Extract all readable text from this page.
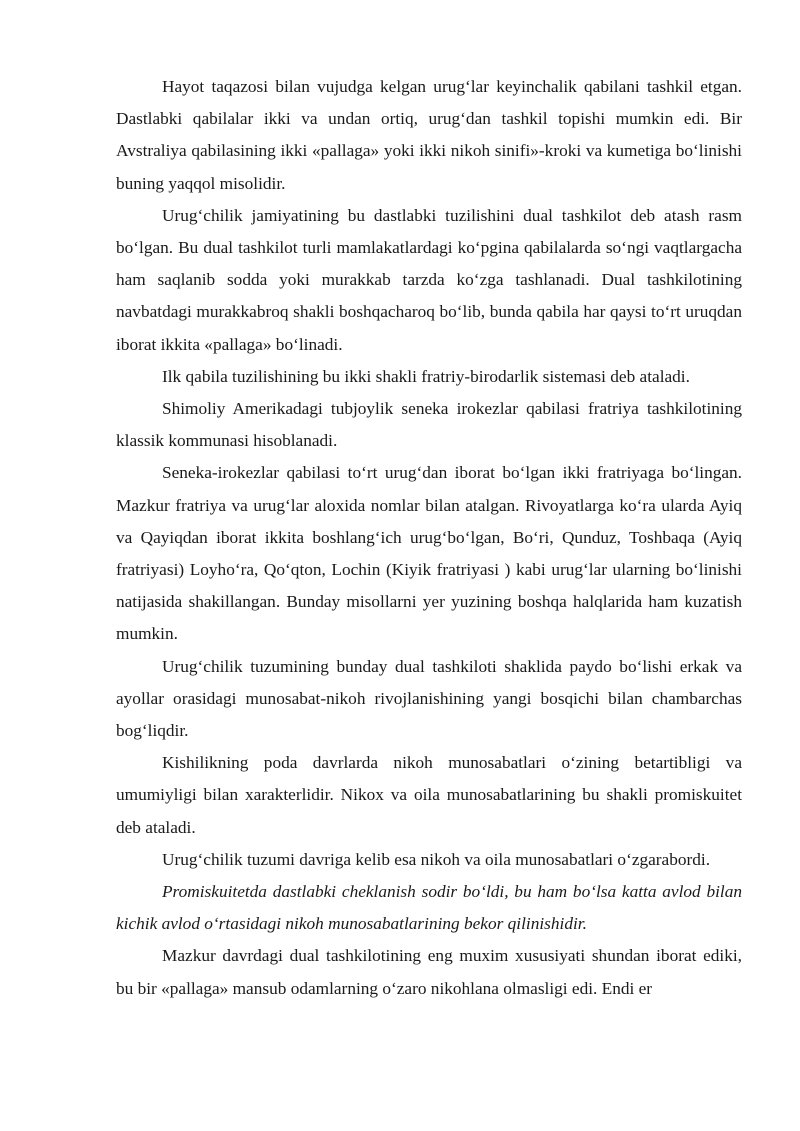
Hayot taqazosi bilan vujudga kelgan urug‘lar keyinchalik qabilani tashkil etgan. Dastlabki qabilalar ikki va undan ortiq, urug‘dan tashkil topishi mumkin edi. Bir Avstraliya qabilasining ikki «pallaga» yoki ikki nikoh sinifi»-kroki va kumetiga bo‘linishi buning yaqqol misolidir.

Urug‘chilik jamiyatining bu dastlabki tuzilishini dual tashkilot deb atash rasm bo‘lgan. Bu dual tashkilot turli mamlakatlardagi ko‘pgina qabilalarda so‘ngi vaqtlargacha ham saqlanib sodda yoki murakkab tarzda ko‘zga tashlanadi. Dual tashkilotining navbatdagi murakkabroq shakli boshqacharoq bo‘lib, bunda qabila har qaysi to‘rt uruqdan iborat ikkita «pallaga» bo‘linadi.

Ilk qabila tuzilishining bu ikki shakli fratriy-birodarlik sistemasi deb ataladi.

Shimoliy Amerikadagi tubjoylik seneka irokezlar qabilasi fratriya tashkilotining klassik kommunasi hisoblanadi.

Seneka-irokezlar qabilasi to‘rt urug‘dan iborat bo‘lgan ikki fratriyaga bo‘lingan. Mazkur fratriya va urug‘lar aloxida nomlar bilan atalgan. Rivoyatlarga ko‘ra ularda Ayiq va Qayiqdan iborat ikkita boshlang‘ich urug‘bo‘lgan, Bo‘ri, Qunduz, Toshbaqa (Ayiq fratriyasi) Loyho‘ra, Qo‘qton, Lochin (Kiyik fratriyasi ) kabi urug‘lar ularning bo‘linishi natijasida shakillangan. Bunday misollarni yer yuzining boshqa halqlarida ham kuzatish mumkin.

Urug‘chilik tuzumining bunday dual tashkiloti shaklida paydo bo‘lishi erkak va ayollar orasidagi munosabat-nikoh rivojlanishining yangi bosqichi bilan chambarchas bog‘liqdir.

Kishilikning poda davrlarda nikoh munosabatlari o‘zining betartibligi va umumiyligi bilan xarakterlidir. Nikox va oila munosabatlarining bu shakli promiskuitet deb ataladi.

Urug‘chilik tuzumi davriga kelib esa nikoh va oila munosabatlari o‘zgarabordi.

Promiskuitetda dastlabki cheklanish sodir bo‘ldi, bu ham bo‘lsa katta avlod bilan kichik avlod o‘rtasidagi nikoh munosabatlarining bekor qilinishidir.

Mazkur davrdagi dual tashkilotining eng muxim xususiyati shundan iborat ediki, bu bir «pallaga» mansub odamlarning o‘zaro nikohlana olmasligi edi. Endi er
